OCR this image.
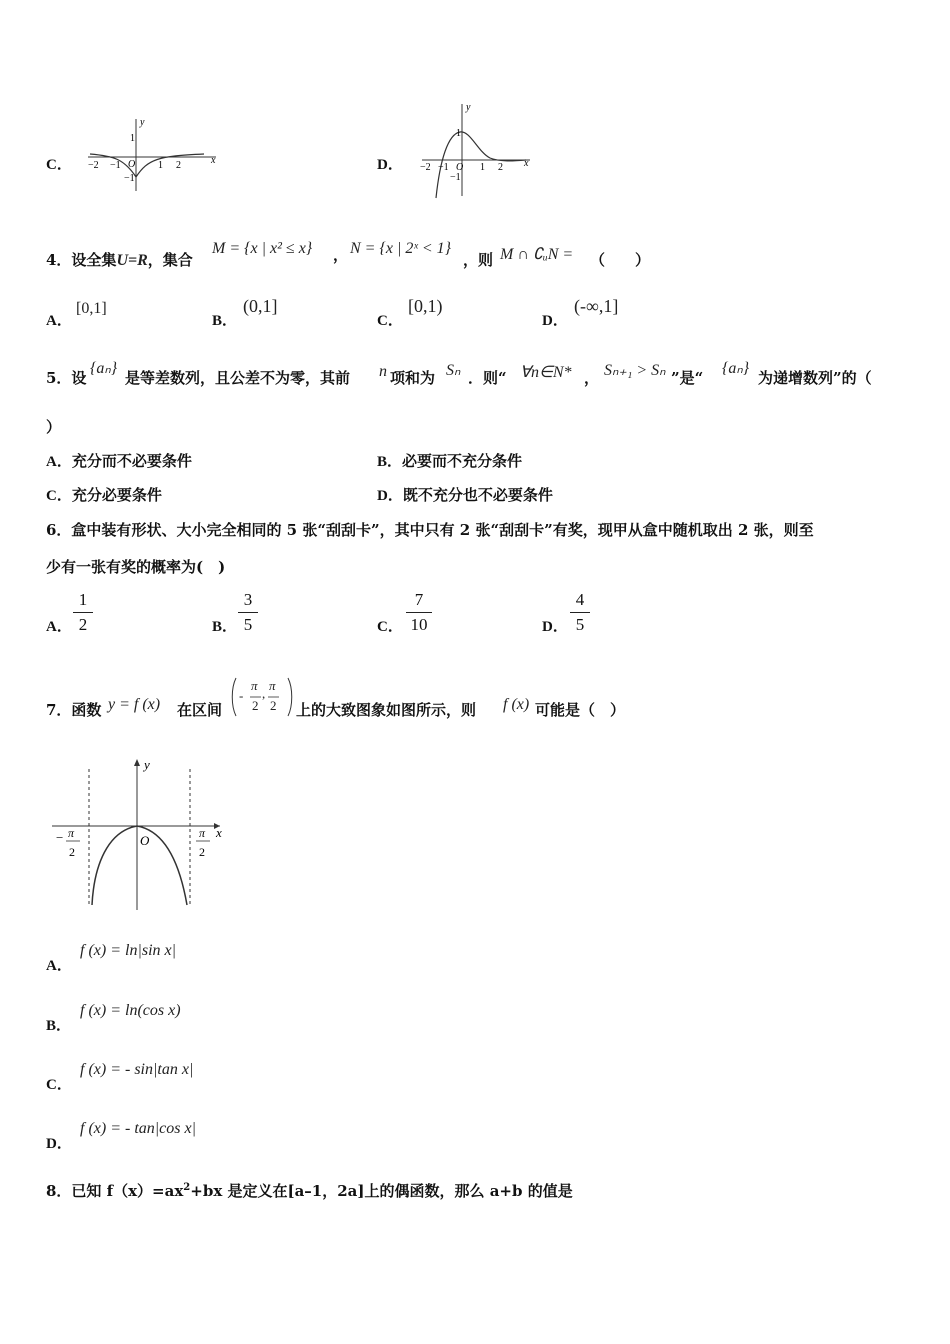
C． −2 −1 O 1 2	x
y
1
−1
D． −2 −1 O 1 2 x
y
1
−1
4．设全集U=R，集合
M = {x | x² ≤ x} ， N = {x | 2ˣ < 1}
，则 M ∩ ∁ᵤN = （　　）
A．
[0,1]
B．
(0,1]
C．
[0,1)
D．
(-∞,1]
5．设
{aₙ}
是等差数列，且公差不为零，其前 n 项和为 Sₙ ．则“ ∀n∈N* ， Sₙ₊₁ > Sₙ ”是“
{aₙ}
为递增数列”的（
）
A．充分而不必要条件	B．必要而不充分条件
C．充分必要条件	D．既不充分也不必要条件
6．盒中装有形状、大小完全相同的 5 张“刮刮卡”，其中只有 2 张“刮刮卡”有奖，现甲从盒中随机取出 2 张，则至
少有一张有奖的概率为(　)
A．
1
2	B．
3
5	C．
7
10	D．
4
5
7．函数 y = f (x) 在区间
-
π
2
,
π
2 上的大致图象如图所示，则 f (x) 可能是（　）
y
x
O
− π
2
π
2
A．
f (x) = ln|sin x|
B．
f (x) = ln(cos x)
C．
f (x) = - sin|tan x|
D．
f (x) = - tan|cos x|
8．已知 $f(x)=ax^2+bx$ 是定义在[a–1，2a]上的偶函数，那么 a+b 的值是
